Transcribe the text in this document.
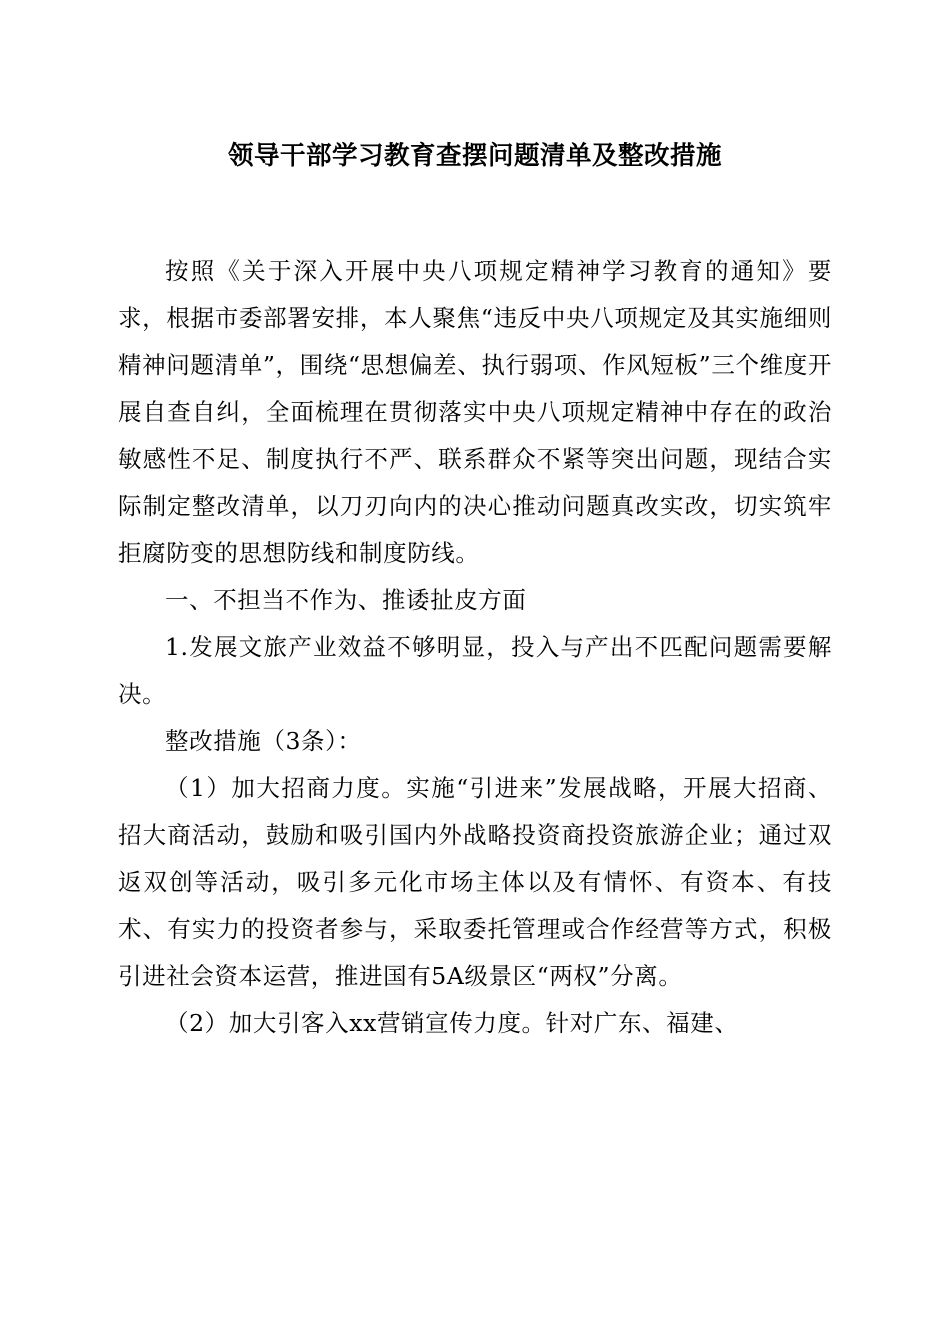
领导干部学习教育查摆问题清单及整改措施

按照《关于深入开展中央八项规定精神学习教育的通知》要求，根据市委部署安排，本人聚焦“违反中央八项规定及其实施细则精神问题清单”，围绕“思想偏差、执行弱项、作风短板”三个维度开展自查自纠，全面梳理在贯彻落实中央八项规定精神中存在的政治敏感性不足、制度执行不严、联系群众不紧等突出问题，现结合实际制定整改清单，以刀刃向内的决心推动问题真改实改，切实筑牢拒腐防变的思想防线和制度防线。

一、不担当不作为、推诿扯皮方面

1.发展文旅产业效益不够明显，投入与产出不匹配问题需要解决。

整改措施（3条）：

（1）加大招商力度。实施“引进来”发展战略，开展大招商、招大商活动，鼓励和吸引国内外战略投资商投资旅游企业；通过双返双创等活动，吸引多元化市场主体以及有情怀、有资本、有技术、有实力的投资者参与，采取委托管理或合作经营等方式，积极引进社会资本运营，推进国有5A级景区“两权”分离。

（2）加大引客入xx营销宣传力度。针对广东、福建、
